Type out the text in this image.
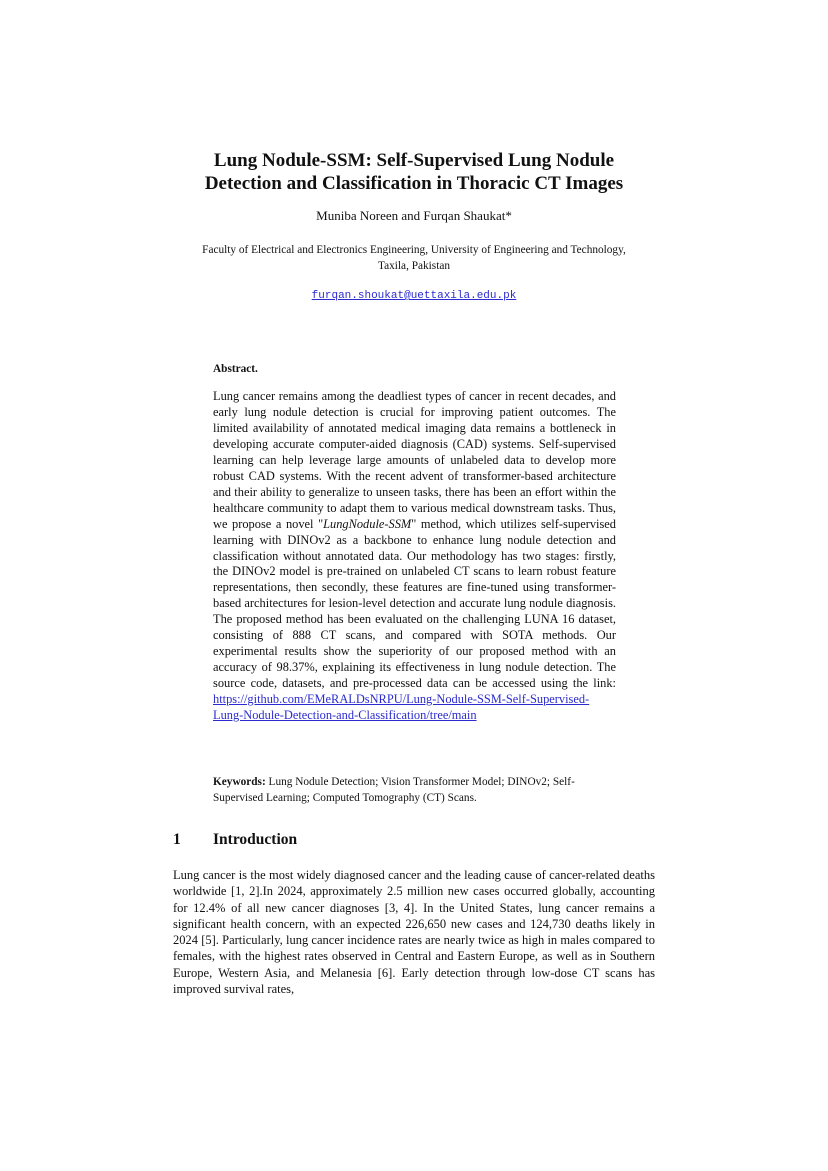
Lung Nodule-SSM: Self-Supervised Lung Nodule
Detection and Classification in Thoracic CT Images
Muniba Noreen and Furqan Shaukat*
Faculty of Electrical and Electronics Engineering, University of Engineering and Technology,
Taxila, Pakistan
furqan.shoukat@uettaxila.edu.pk
Abstract.

Lung cancer remains among the deadliest types of cancer in recent decades, and early lung nodule detection is crucial for improving patient outcomes. The limited availability of annotated medical imaging data remains a bottleneck in developing accurate computer-aided diagnosis (CAD) systems. Self-supervised learning can help leverage large amounts of unlabeled data to develop more robust CAD systems. With the recent advent of transformer-based architecture and their ability to generalize to unseen tasks, there has been an effort within the healthcare community to adapt them to various medical downstream tasks. Thus, we propose a novel "LungNodule-SSM" method, which utilizes self-supervised learning with DINOv2 as a backbone to enhance lung nodule detection and classification without annotated data. Our methodology has two stages: firstly, the DINOv2 model is pre-trained on unlabeled CT scans to learn robust feature representations, then secondly, these features are fine-tuned using transformer-based architectures for lesion-level detection and accurate lung nodule diagnosis. The proposed method has been evaluated on the challenging LUNA 16 dataset, consisting of 888 CT scans, and compared with SOTA methods. Our experimental results show the superiority of our proposed method with an accuracy of 98.37%, explaining its effectiveness in lung nodule detection. The source code, datasets, and pre-processed data can be accessed using the link: https://github.com/EMeRALDsNRPU/Lung-Nodule-SSM-Self-Supervised-Lung-Nodule-Detection-and-Classification/tree/main

Keywords: Lung Nodule Detection; Vision Transformer Model; DINOv2; Self-Supervised Learning; Computed Tomography (CT) Scans.

1 Introduction

Lung cancer is the most widely diagnosed cancer and the leading cause of cancer-related deaths worldwide [1, 2].In 2024, approximately 2.5 million new cases occurred globally, accounting for 12.4% of all new cancer diagnoses [3, 4]. In the United States, lung cancer remains a significant health concern, with an expected 226,650 new cases and 124,730 deaths likely in 2024 [5]. Particularly, lung cancer incidence rates are nearly twice as high in males compared to females, with the highest rates observed in Central and Eastern Europe, as well as in Southern Europe, Western Asia, and Melanesia [6]. Early detection through low-dose CT scans has improved survival rates,
